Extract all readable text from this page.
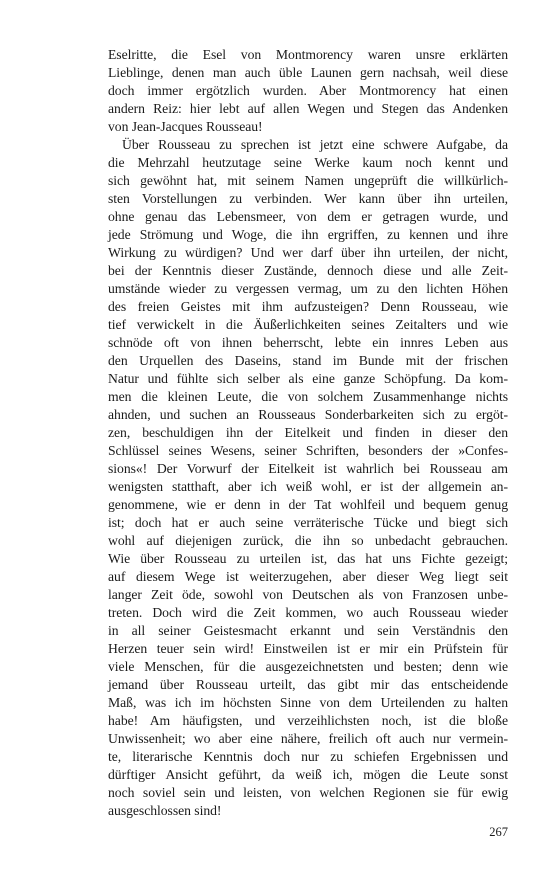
Eselritte, die Esel von Montmorency waren unsre erklärten
Lieblinge, denen man auch üble Launen gern nachsah, weil diese
doch immer ergötzlich wurden. Aber Montmorency hat einen
andern Reiz: hier lebt auf allen Wegen und Stegen das Andenken
von Jean-Jacques Rousseau!
Über Rousseau zu sprechen ist jetzt eine schwere Aufgabe, da
die Mehrzahl heutzutage seine Werke kaum noch kennt und
sich gewöhnt hat, mit seinem Namen ungeprüft die willkürlich-
sten Vorstellungen zu verbinden. Wer kann über ihn urteilen,
ohne genau das Lebensmeer, von dem er getragen wurde, und
jede Strömung und Woge, die ihn ergriffen, zu kennen und ihre
Wirkung zu würdigen? Und wer darf über ihn urteilen, der nicht,
bei der Kenntnis dieser Zustände, dennoch diese und alle Zeit-
umstände wieder zu vergessen vermag, um zu den lichten Höhen
des freien Geistes mit ihm aufzusteigen? Denn Rousseau, wie
tief verwickelt in die Äußerlichkeiten seines Zeitalters und wie
schnöde oft von ihnen beherrscht, lebte ein innres Leben aus
den Urquellen des Daseins, stand im Bunde mit der frischen
Natur und fühlte sich selber als eine ganze Schöpfung. Da kom-
men die kleinen Leute, die von solchem Zusammenhange nichts
ahnden, und suchen an Rousseaus Sonderbarkeiten sich zu ergöt-
zen, beschuldigen ihn der Eitelkeit und finden in dieser den
Schlüssel seines Wesens, seiner Schriften, besonders der »Confes-
sions«! Der Vorwurf der Eitelkeit ist wahrlich bei Rousseau am
wenigsten statthaft, aber ich weiß wohl, er ist der allgemein an-
genommene, wie er denn in der Tat wohlfeil und bequem genug
ist; doch hat er auch seine verräterische Tücke und biegt sich
wohl auf diejenigen zurück, die ihn so unbedacht gebrauchen.
Wie über Rousseau zu urteilen ist, das hat uns Fichte gezeigt;
auf diesem Wege ist weiterzugehen, aber dieser Weg liegt seit
langer Zeit öde, sowohl von Deutschen als von Franzosen unbe-
treten. Doch wird die Zeit kommen, wo auch Rousseau wieder
in all seiner Geistesmacht erkannt und sein Verständnis den
Herzen teuer sein wird! Einstweilen ist er mir ein Prüfstein für
viele Menschen, für die ausgezeichnetsten und besten; denn wie
jemand über Rousseau urteilt, das gibt mir das entscheidende
Maß, was ich im höchsten Sinne von dem Urteilenden zu halten
habe! Am häufigsten, und verzeihlichsten noch, ist die bloße
Unwissenheit; wo aber eine nähere, freilich oft auch nur vermein-
te, literarische Kenntnis doch nur zu schiefen Ergebnissen und
dürftiger Ansicht geführt, da weiß ich, mögen die Leute sonst
noch soviel sein und leisten, von welchen Regionen sie für ewig
ausgeschlossen sind!
267
